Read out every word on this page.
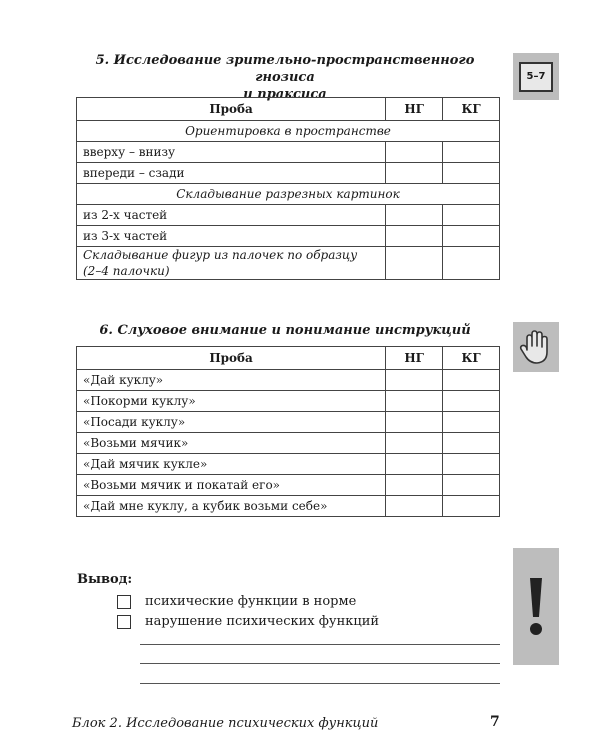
5. Исследование зрительно-пространственного гнозиса
и праксиса
5–7
Проба	НГ	КГ
Ориентировка в пространстве		
вверху – внизу		
впереди – сзади		
Складывание разрезных картинок		
из 2-х частей		
из 3-х частей		

Складывание фигур из палочек по образцу
(2–4 палочки)		

6. Слуховое внимание и понимание инструкций
Проба	НГ	КГ
«Дай куклу»		
«Покорми куклу»		
«Посади куклу»		
«Возьми мячик»		
«Дай мячик кукле»		
«Возьми мячик и покатай его»		
«Дай мне куклу, а кубик возьми себе»		
Вывод:
психические функции в норме
нарушение психических функций
Блок 2. Исследование психических функций	7
